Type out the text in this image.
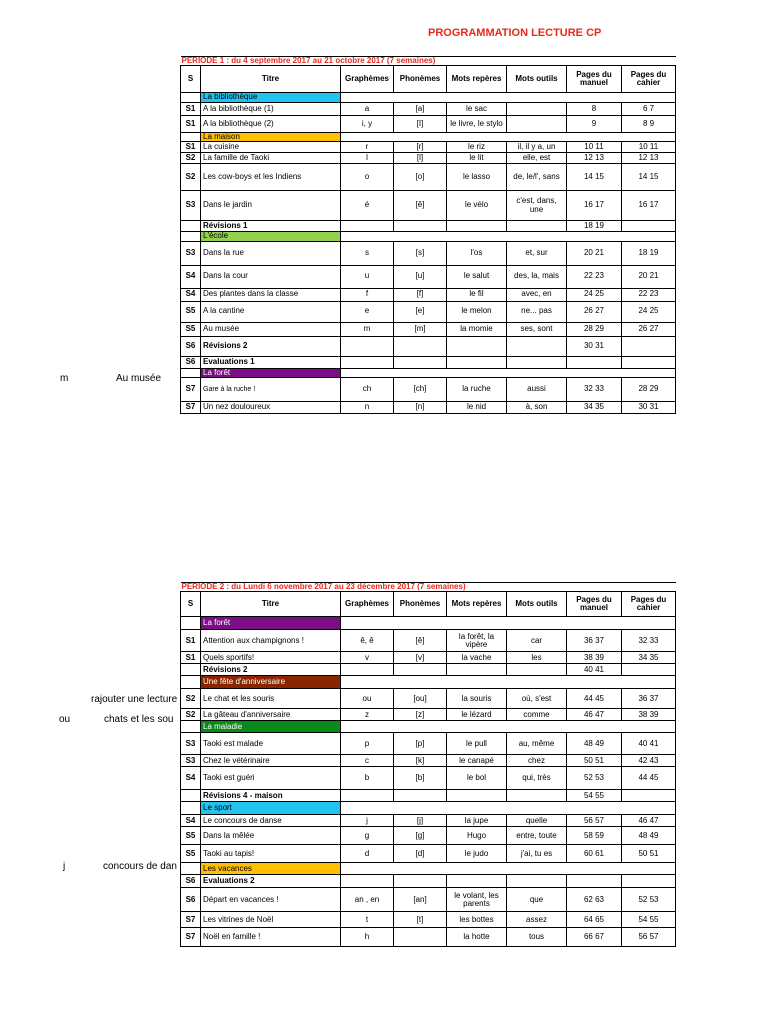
PROGRAMMATION LECTURE CP
m	Au musée
rajouter une lecture
ou	chats et les sou
j	concours de dan
PERIODE 1 : du 4 septembre 2017 au 21 octobre 2017 (7 semaines)							
S	Titre	Graphèmes	Phonèmes	Mots repères	Mots outils	Pages du manuel	Pages du cahier
	La bibliothèque						
S1	A la bibliothèque (1)	a	[a]	le sac		8	6 7
S1	A la bibliothèque (2)	i, y	[I]	le livre, le stylo		9	8 9
	La maison						
S1	La cuisine	r	[r]	le riz	il, il y a, un	10 11	10 11
S2	La famille de Taoki	l	[l]	le lit	elle, est	12 13	12 13
S2	Les cow-boys et les Indiens	o	[o]	le lasso	de, le/l', sans	14 15	14 15
S3	Dans le jardin	é	[ê]	le vélo	c'est, dans, une	16 17	16 17
	Révisions 1					18 19	
	L'école						
S3	Dans la rue	s	[s]	l'os	et, sur	20 21	18 19
S4	Dans la cour	u	[u]	le salut	des, la, mais	22 23	20 21
S4	Des plantes dans la classe	f	[f]	le fil	avec, en	24 25	22 23
S5	A la cantine	e	[e]	le melon	ne... pas	26 27	24 25
S5	Au musée	m	[m]	la momie	ses, sont	28 29	26 27
S6	Révisions 2					30 31	
S6	Evaluations 1						
	La forêt						
S7	Gare à la ruche !	ch	[ch]	la ruche	aussi	32 33	28 29
S7	Un nez douloureux	n	[n]	le nid	à, son	34 35	30 31
PERIODE 2 : du Lundi 6 novembre 2017 au 23 décembre 2017 (7 semaines)							
S	Titre	Graphèmes	Phonèmes	Mots repères	Mots outils	Pages du manuel	Pages du cahier
	La forêt						
S1	Attention aux champignons !	ê, ê	[ê]	la forêt, la vipère	car	36 37	32 33
S1	Quels sportifs!	v	[v]	la vache	les	38 39	34 35
	Révisions 2					40 41	
	Une fête d'anniversaire						
S2	Le chat et les souris	ou	[ou]	la souris	où, s'est	44 45	36 37
S2	La gâteau d'anniversaire	z	[z]	le lézard	comme	46 47	38 39
	La maladie						
S3	Taoki est malade	p	[p]	le pull	au, même	48 49	40 41
S3	Chez le vétérinaire	c	[k]	le canapé	chez	50 51	42 43
S4	Taoki est guéri	b	[b]	le bol	qui, très	52 53	44 45
	Révisions 4 - maison					54 55	
	Le sport						
S4	Le concours de danse	j	[j]	la jupe	quelle	56 57	46 47
S5	Dans la mêlée	g	[g]	Hugo	entre, toute	58 59	48 49
S5	Taoki au tapis!	d	[d]	le judo	j'ai, tu es	60 61	50 51
	Les vacances						
S6	Evaluations 2						
S6	Départ en vacances !	an , en	[an]	le volant, les parents	que	62 63	52 53
S7	Les vitrines de Noël	t	[t]	les bottes	assez	64 65	54 55
S7	Noël en famille !	h		la hotte	tous	66 67	56 57
